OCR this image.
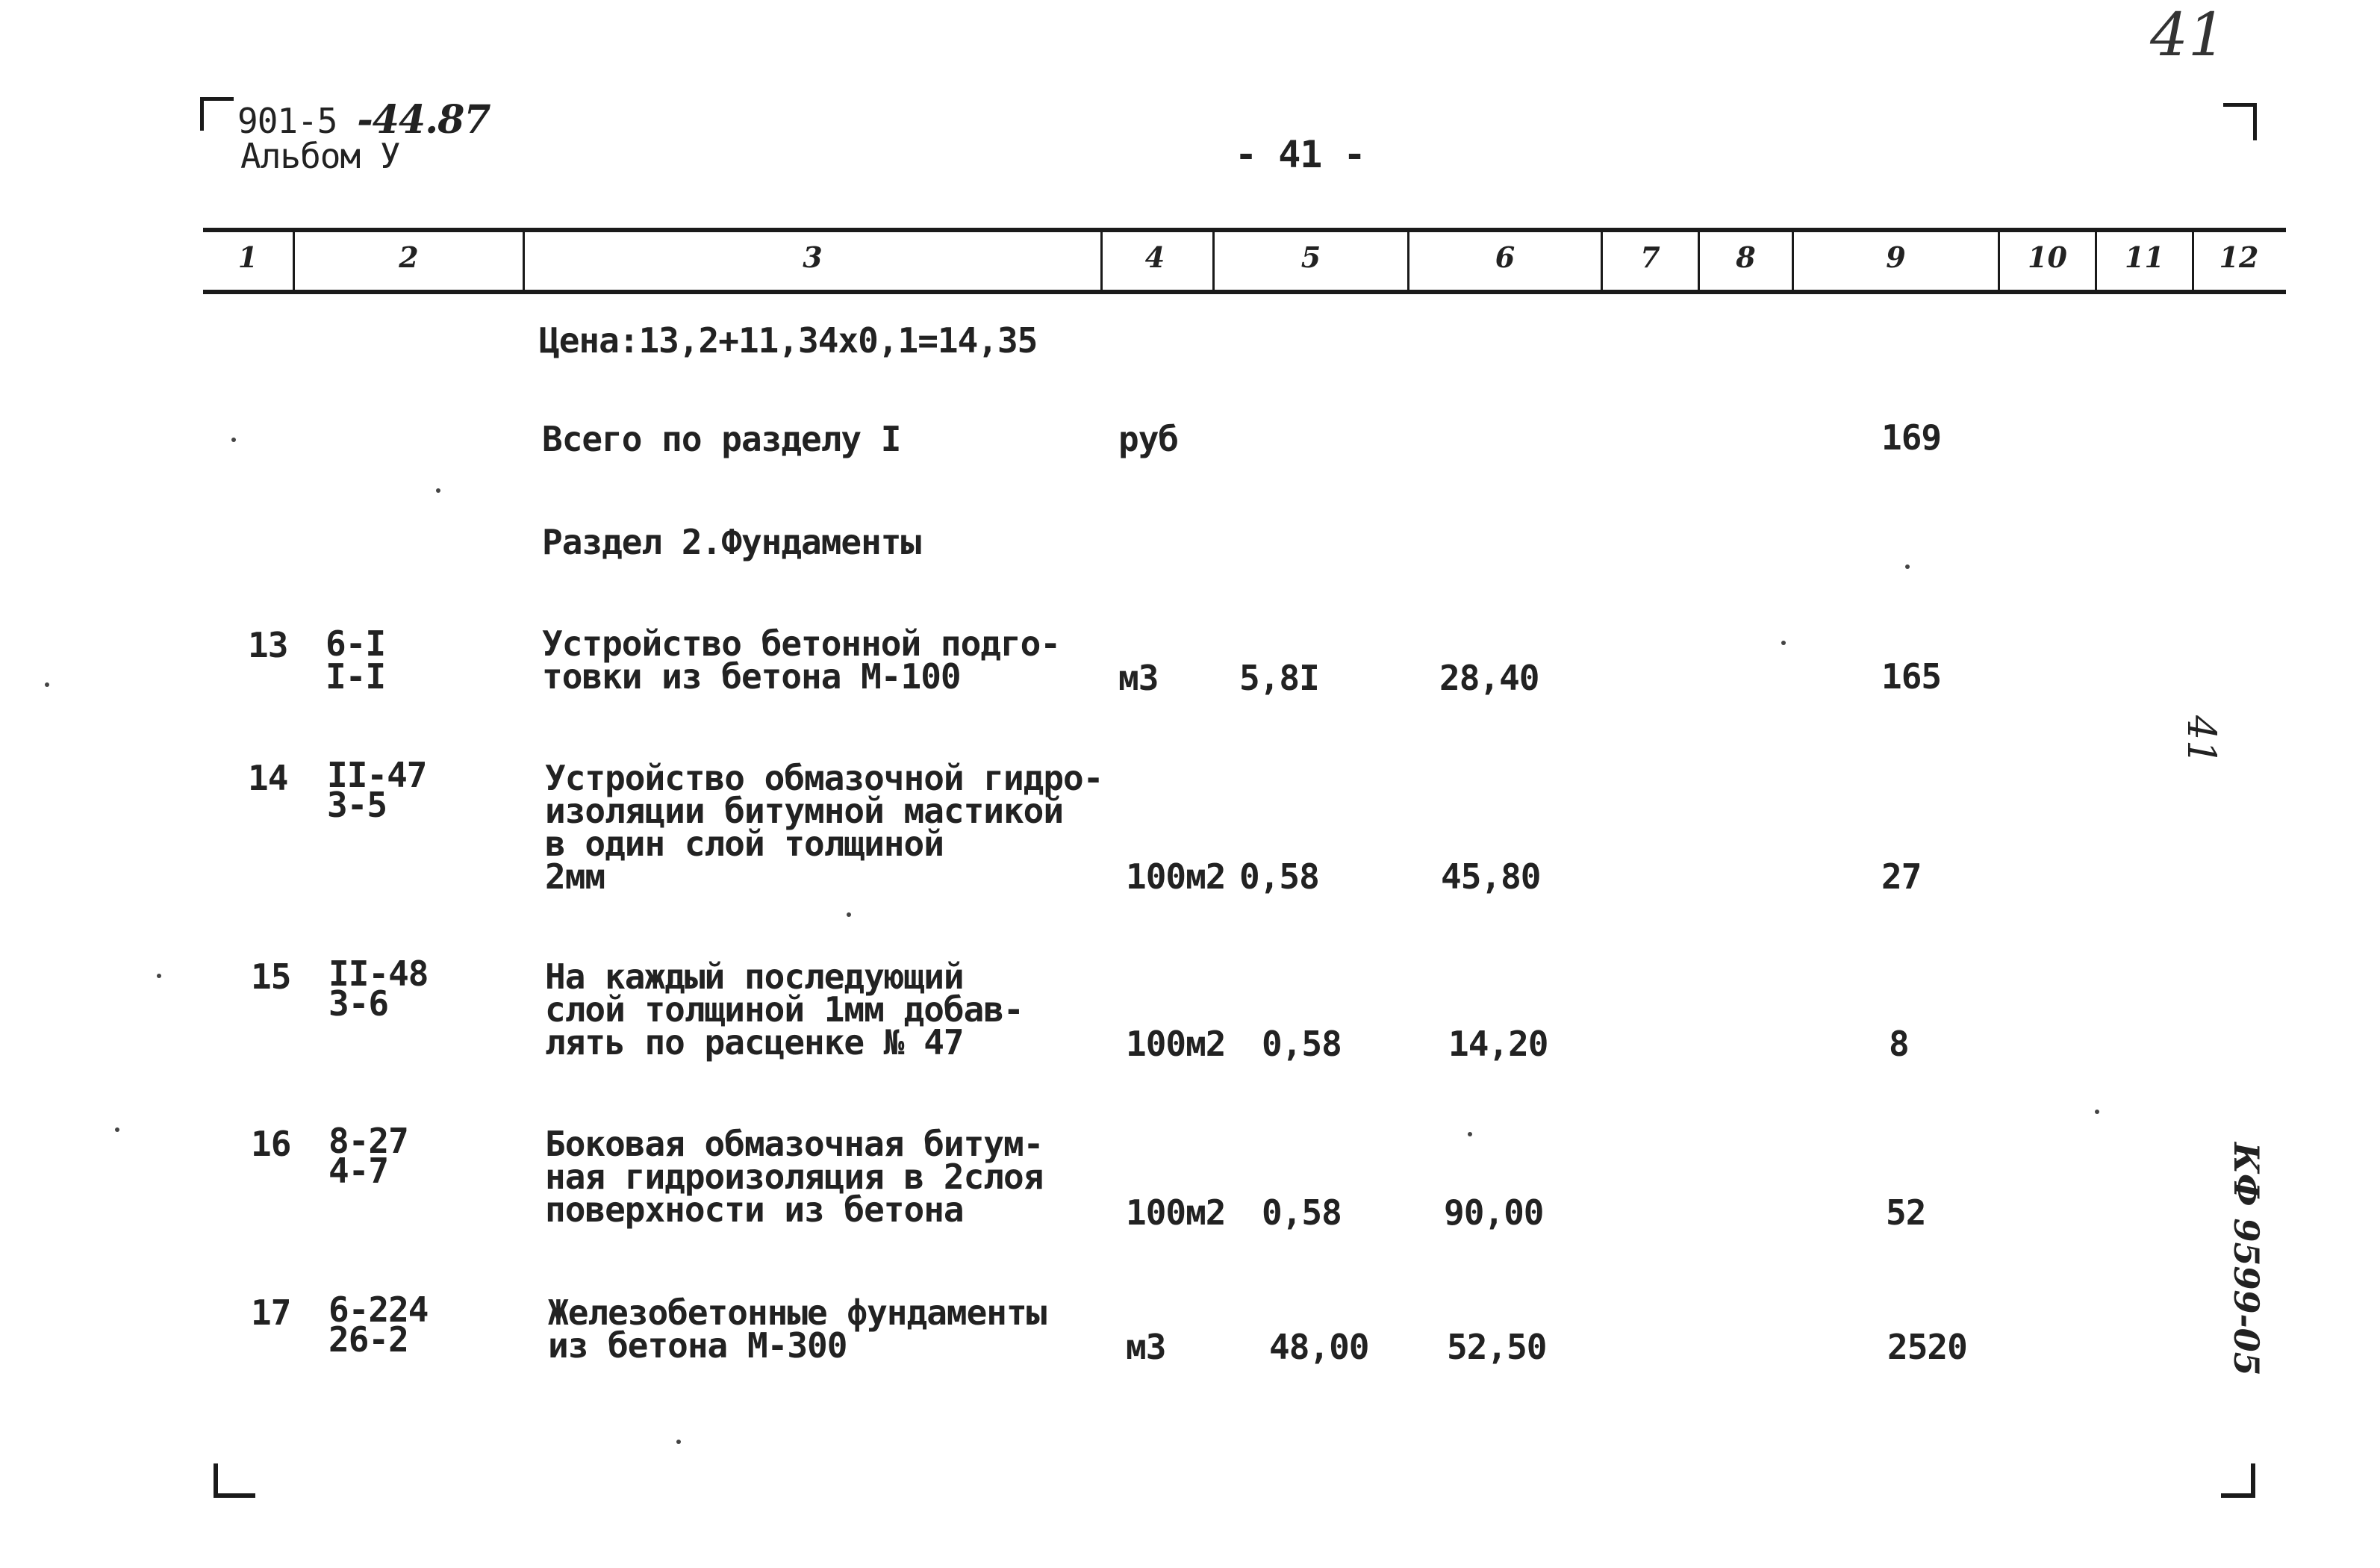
41
901-5 -44.87
Альбом У	- 41 -
1	2	3	4	5	6	7	8	9	10	11	12
Цена:13,2+11,34х0,1=14,35
Всего по разделу I	руб	169
Раздел 2.Фундаменты
13 6-I
I-I
Устройство бетонной подго-
товки из бетона М-100	м3 5,8I	28,40	165
14 II-47
3-5
Устройство обмазочной гидро-
изоляции битумной мастикой
в один слой толщиной
2мм	100м2 0,58	45,80	27
15 II-48
3-6
На каждый последующий
слой толщиной 1мм добав-
лять по расценке № 47	100м2 0,58	14,20	8
16 8-27
4-7
Боковая обмазочная битум-
ная гидроизоляция в 2слоя
поверхности из бетона	100м2 0,58	90,00	52
17 6-224
26-2
Железобетонные фундаменты
из бетона М-300	м3	48,00 52,50	2520
41
КФ 9599-05
